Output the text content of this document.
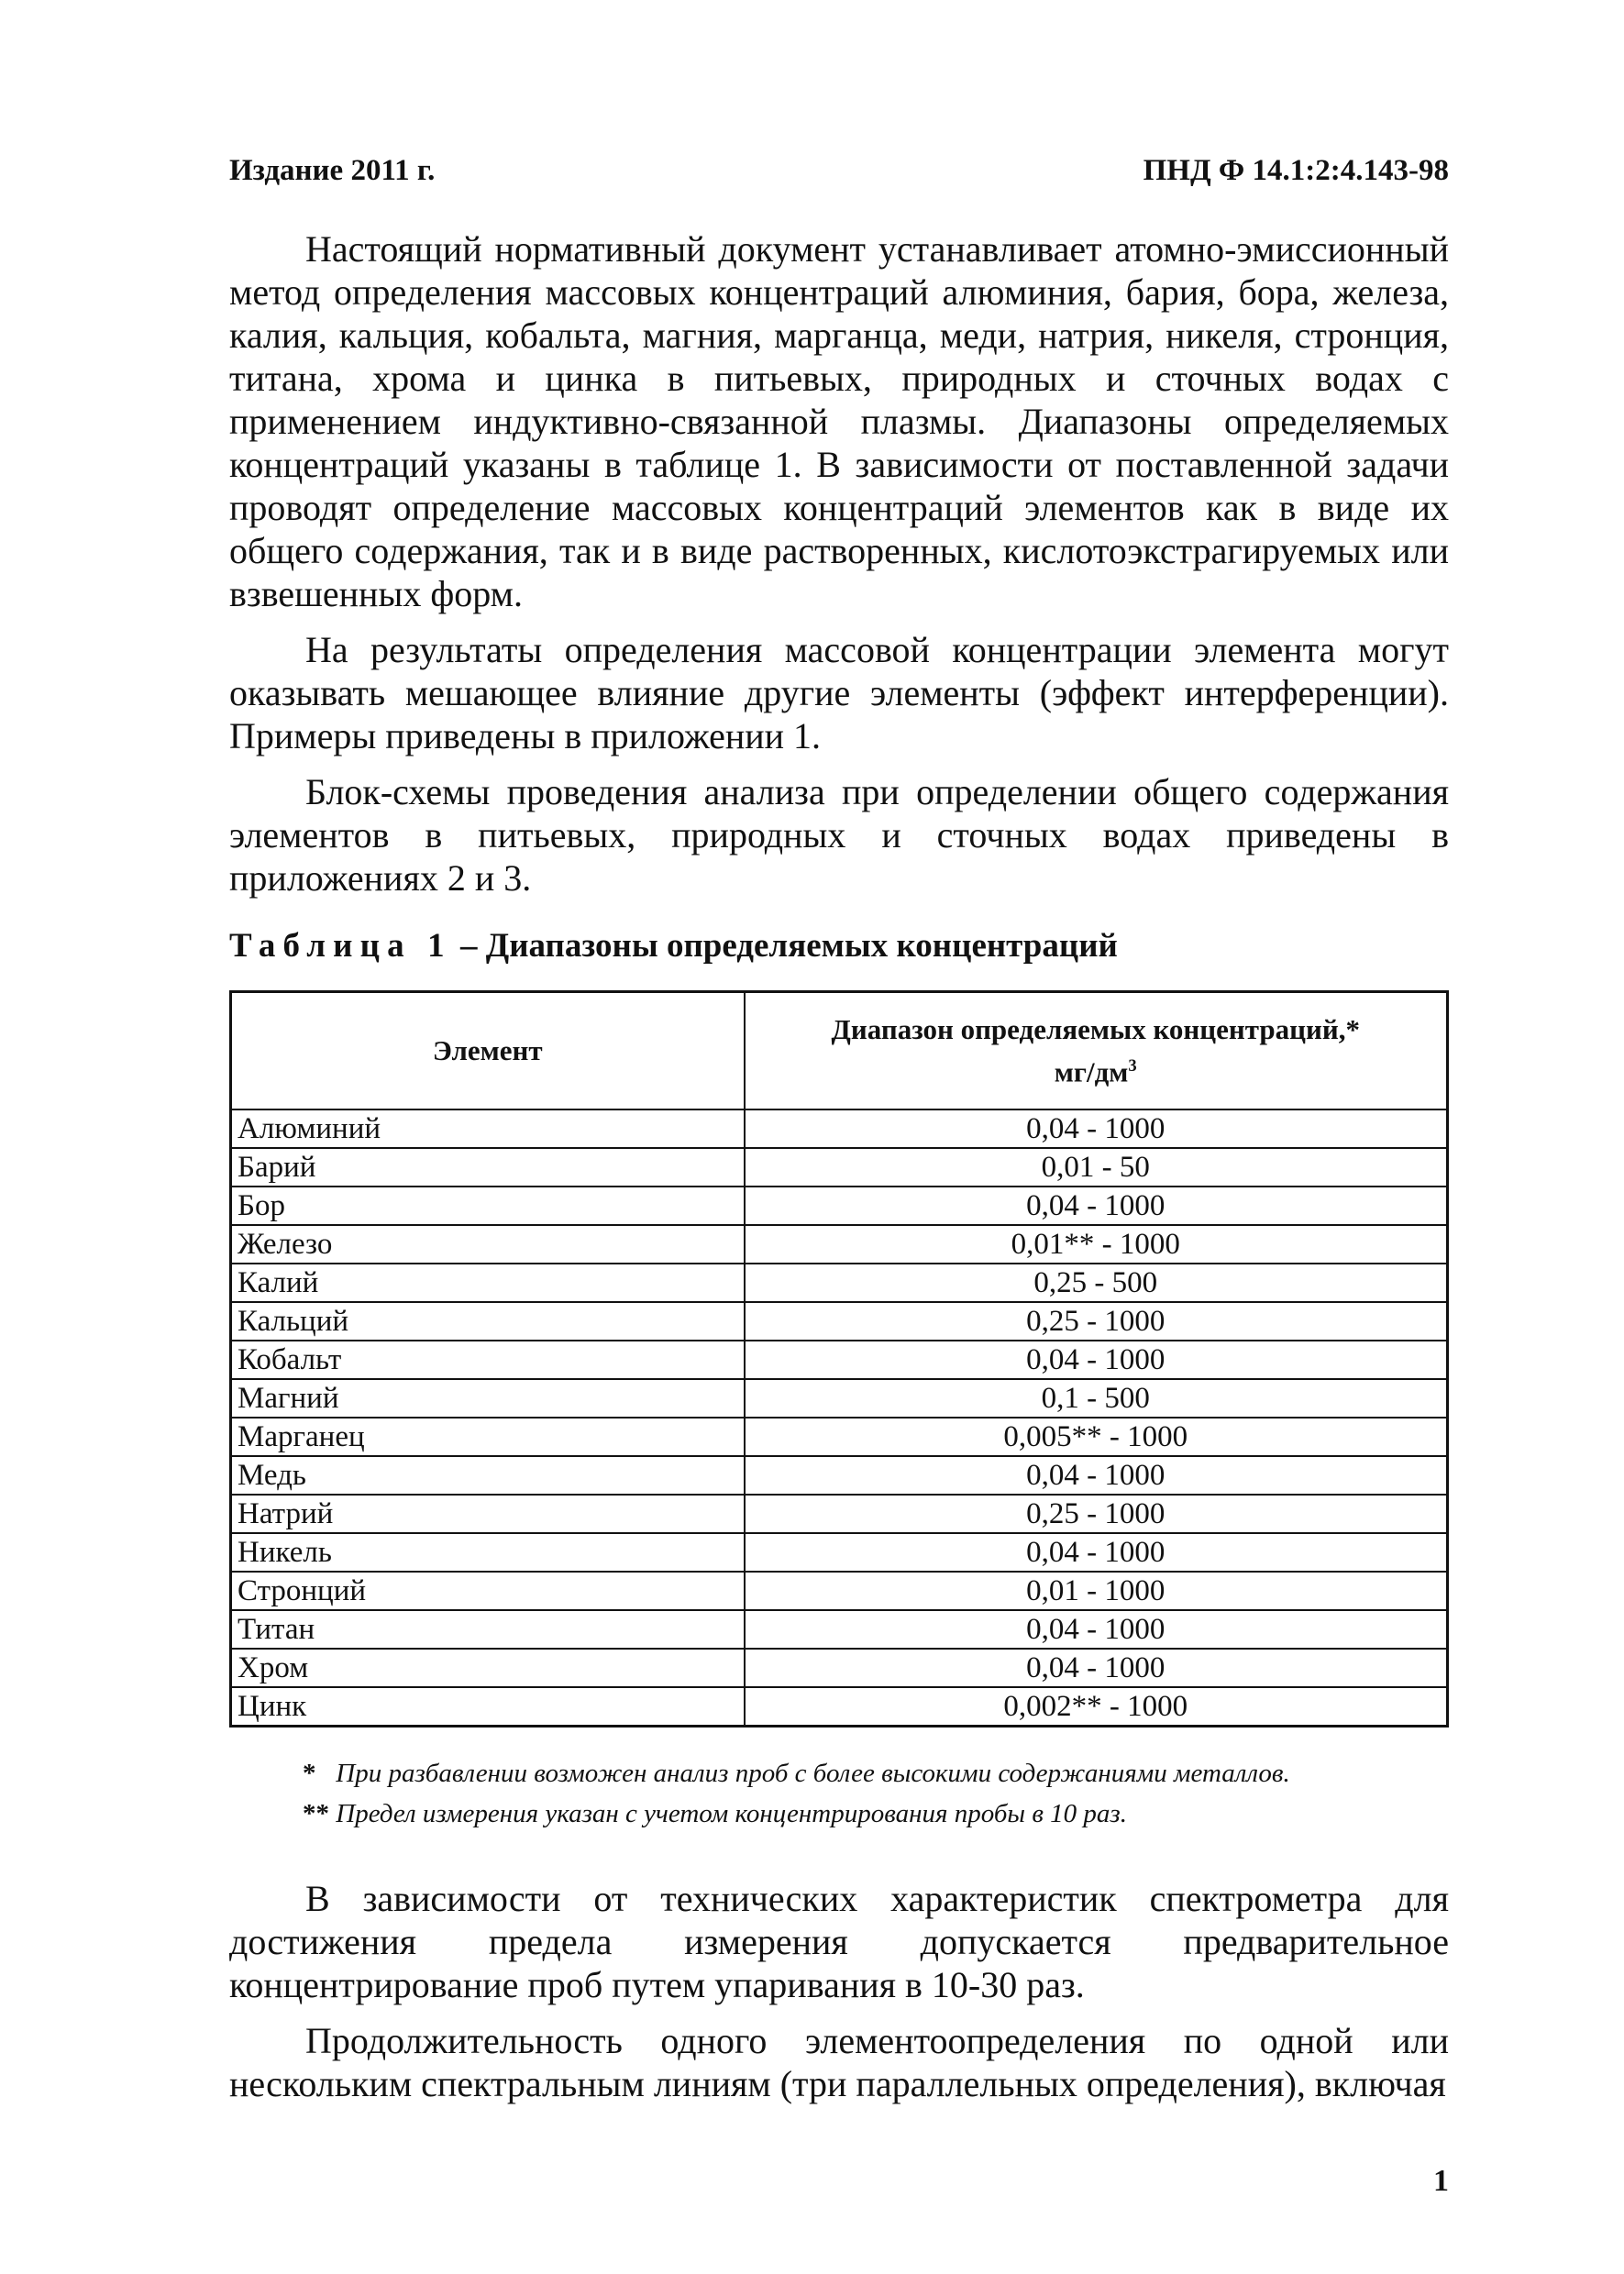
Издание 2011 г.	ПНД Ф 14.1:2:4.143-98

Настоящий нормативный документ устанавливает атомно-эмиссионный метод определения массовых концентраций алюминия, бария, бора, железа, калия, кальция, кобальта, магния, марганца, меди, натрия, никеля, стронция, титана, хрома и цинка в питьевых, природных и сточных водах с применением индуктивно-связанной плазмы. Диапазоны определяемых концентраций указаны в таблице 1. В зависимости от поставленной задачи проводят определение массовых концентраций элементов как в виде их общего содержания, так и в виде растворенных, кислотоэкстрагируемых или взвешенных форм.

На результаты определения массовой концентрации элемента могут оказывать мешающее влияние другие элементы (эффект интерференции). Примеры приведены в приложении 1.

Блок-схемы проведения анализа при определении общего содержания элементов в питьевых, природных и сточных водах приведены в приложениях 2 и 3.

Таблица 1 – Диапазоны определяемых концентраций
Элемент	Диапазон определяемых концентраций,*
$мг/дм^3$
Алюминий	0,04 - 1000
Барий	0,01 - 50
Бор	0,04 - 1000
Железо	0,01** - 1000
Калий	0,25 - 500
Кальций	0,25 - 1000
Кобальт	0,04 - 1000
Магний	0,1 - 500
Марганец	0,005** - 1000
Медь	0,04 - 1000
Натрий	0,25 - 1000
Никель	0,04 - 1000
Стронций	0,01 - 1000
Титан	0,04 - 1000
Хром	0,04 - 1000
Цинк	0,002** - 1000

* При разбавлении возможен анализ проб с более высокими содержаниями металлов.

** Предел измерения указан с учетом концентрирования пробы в 10 раз.

В зависимости от технических характеристик спектрометра для достижения предела измерения допускается предварительное концентрирование проб путем упаривания в 10-30 раз.

Продолжительность одного элементоопределения по одной или нескольким спектральным линиям (три параллельных определения), включая

1
